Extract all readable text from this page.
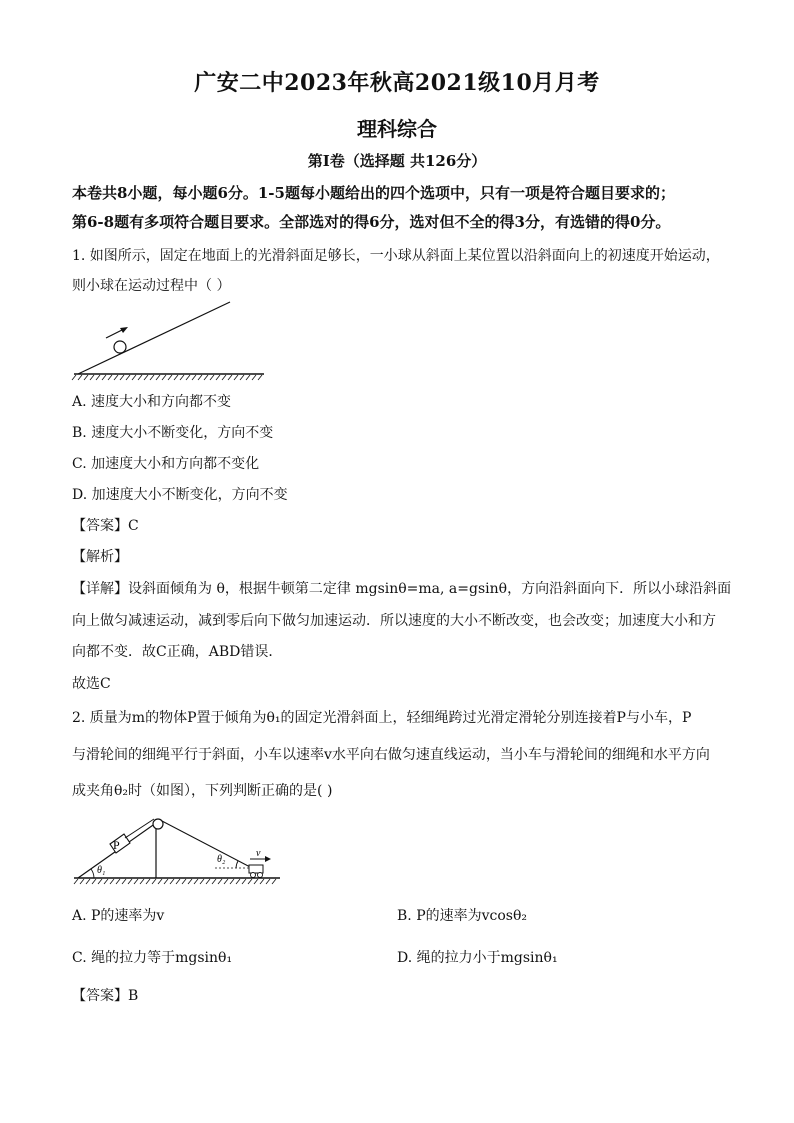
广安二中2023年秋高2021级10月月考
理科综合
第Ⅰ卷（选择题 共126分）
本卷共8小题，每小题6分。1-5题每小题给出的四个选项中，只有一项是符合题目要求的；
第6-8题有多项符合题目要求。全部选对的得6分，选对但不全的得3分，有选错的得0分。
1. 如图所示，固定在地面上的光滑斜面足够长，一小球从斜面上某位置以沿斜面向上的初速度开始运动，
则小球在运动过程中（ ）
A. 速度大小和方向都不变
B. 速度大小不断变化，方向不变
C. 加速度大小和方向都不变化
D. 加速度大小不断变化，方向不变
【答案】C
【解析】
【详解】设斜面倾角为 θ，根据牛顿第二定律 mgsinθ=ma, a=gsinθ，方向沿斜面向下．所以小球沿斜面
向上做匀减速运动，减到零后向下做匀加速运动．所以速度的大小不断改变，也会改变；加速度大小和方
向都不变．故C正确，ABD错误．
故选C
2. 质量为m的物体P置于倾角为θ₁的固定光滑斜面上，轻细绳跨过光滑定滑轮分别连接着P与小车，P
与滑轮间的细绳平行于斜面，小车以速率v水平向右做匀速直线运动，当小车与滑轮间的细绳和水平方向
成夹角θ₂时（如图），下列判断正确的是( )
P
θ₁
θ₂
v
A. P的速率为v	B. P的速率为vcosθ₂
C. 绳的拉力等于mgsinθ₁	D. 绳的拉力小于mgsinθ₁
【答案】B
